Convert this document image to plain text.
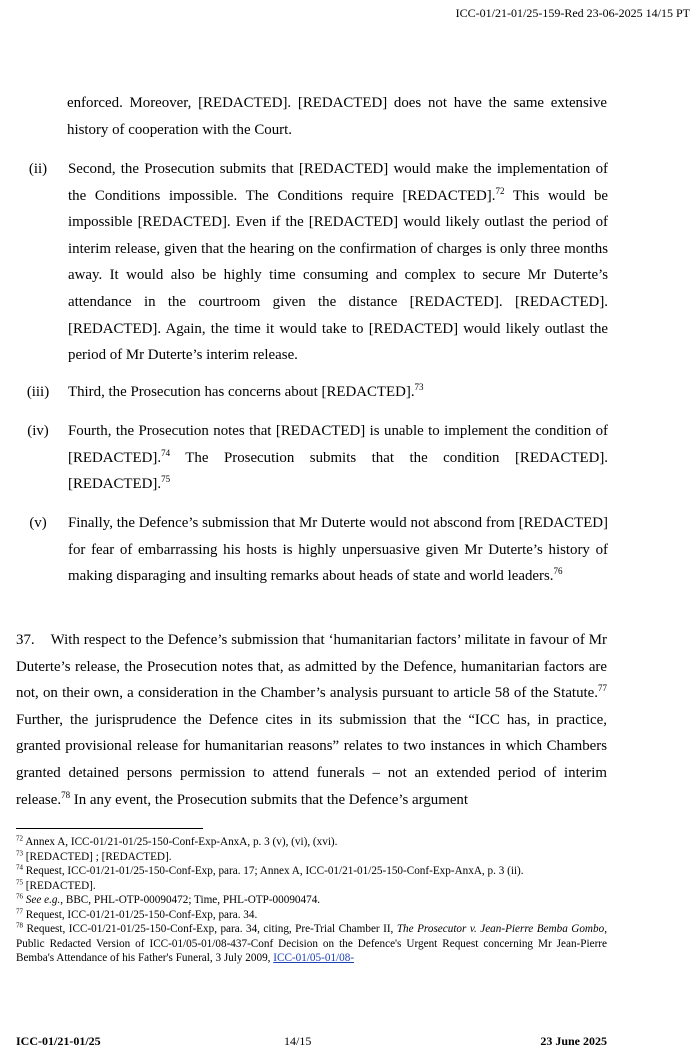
ICC-01/21-01/25-159-Red 23-06-2025 14/15 PT
enforced. Moreover, [REDACTED]. [REDACTED] does not have the same extensive history of cooperation with the Court.
(ii)	Second, the Prosecution submits that [REDACTED] would make the implementation of the Conditions impossible. The Conditions require [REDACTED].$^{72}$ This would be impossible [REDACTED]. Even if the [REDACTED] would likely outlast the period of interim release, given that the hearing on the confirmation of charges is only three months away. It would also be highly time consuming and complex to secure Mr Duterte’s attendance in the courtroom given the distance [REDACTED]. [REDACTED]. [REDACTED]. Again, the time it would take to [REDACTED] would likely outlast the period of Mr Duterte’s interim release.
(iii)	Third, the Prosecution has concerns about [REDACTED].$^{73}$
(iv)	Fourth, the Prosecution notes that [REDACTED] is unable to implement the condition of [REDACTED].$^{74}$ The Prosecution submits that the condition [REDACTED]. [REDACTED].$^{75}$
(v)	Finally, the Defence’s submission that Mr Duterte would not abscond from [REDACTED] for fear of embarrassing his hosts is highly unpersuasive given Mr Duterte’s history of making disparaging and insulting remarks about heads of state and world leaders.$^{76}$
37. With respect to the Defence’s submission that ‘humanitarian factors’ militate in favour of Mr Duterte’s release, the Prosecution notes that, as admitted by the Defence, humanitarian factors are not, on their own, a consideration in the Chamber’s analysis pursuant to article 58 of the Statute.$^{77}$ Further, the jurisprudence the Defence cites in its submission that the “ICC has, in practice, granted provisional release for humanitarian reasons” relates to two instances in which Chambers granted detained persons permission to attend funerals – not an extended period of interim release.$^{78}$ In any event, the Prosecution submits that the Defence’s argument
$^{72}$ Annex A, ICC-01/21-01/25-150-Conf-Exp-AnxA, p. 3 (v), (vi), (xvi).
$^{73}$ [REDACTED] ; [REDACTED].
$^{74}$ Request, ICC-01/21-01/25-150-Conf-Exp, para. 17; Annex A, ICC-01/21-01/25-150-Conf-Exp-AnxA, p. 3 (ii).
$^{75}$ [REDACTED].
$^{76}$ See e.g., BBC, PHL-OTP-00090472; Time, PHL-OTP-00090474.
$^{77}$ Request, ICC-01/21-01/25-150-Conf-Exp, para. 34.
$^{78}$ Request, ICC-01/21-01/25-150-Conf-Exp, para. 34, citing, Pre-Trial Chamber II, The Prosecutor v. Jean-Pierre Bemba Gombo, Public Redacted Version of ICC-01/05-01/08-437-Conf Decision on the Defence's Urgent Request concerning Mr Jean-Pierre Bemba's Attendance of his Father's Funeral, 3 July 2009, ICC-01/05-01/08-
ICC-01/21-01/25	14/15	23 June 2025
